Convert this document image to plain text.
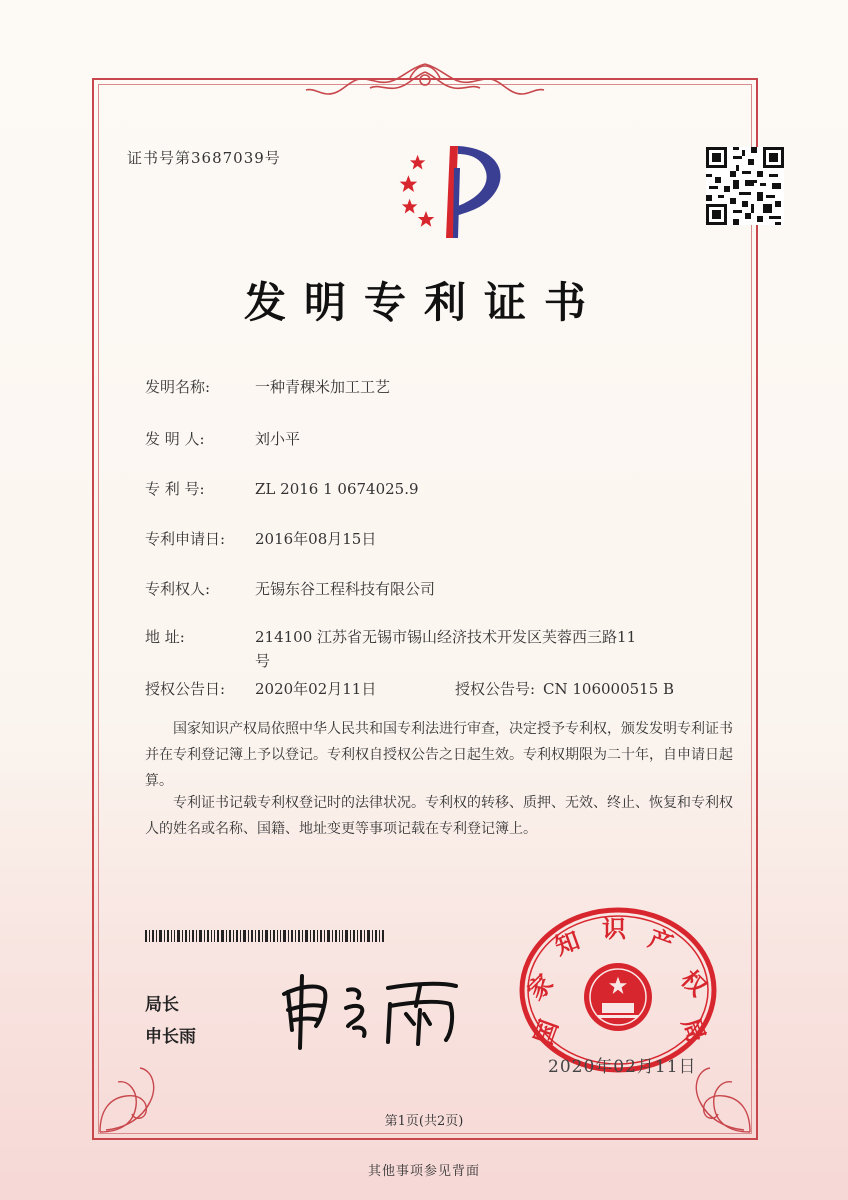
证书号第3687039号
发明专利证书
发明名称:	一种青稞米加工工艺
发 明 人:	刘小平
专 利 号:	ZL 2016 1 0674025.9
专利申请日: 2016年08月15日
专利权人:	无锡东谷工程科技有限公司
地 址:	214100 江苏省无锡市锡山经济技术开发区芙蓉西三路11
号
授权公告日: 2020年02月11日	授权公告号: CN 106000515 B
国家知识产权局依照中华人民共和国专利法进行审查，决定授予专利权，颁发发明专利证书并在专利登记簿上予以登记。专利权自授权公告之日起生效。专利权期限为二十年，自申请日起算。
专利证书记载专利权登记时的法律状况。专利权的转移、质押、无效、终止、恢复和专利权人的姓名或名称、国籍、地址变更等事项记载在专利登记簿上。
局长
申长雨	国
家
知 识 产
权
局
2020年02月11日
第1页(共2页)
其他事项参见背面
